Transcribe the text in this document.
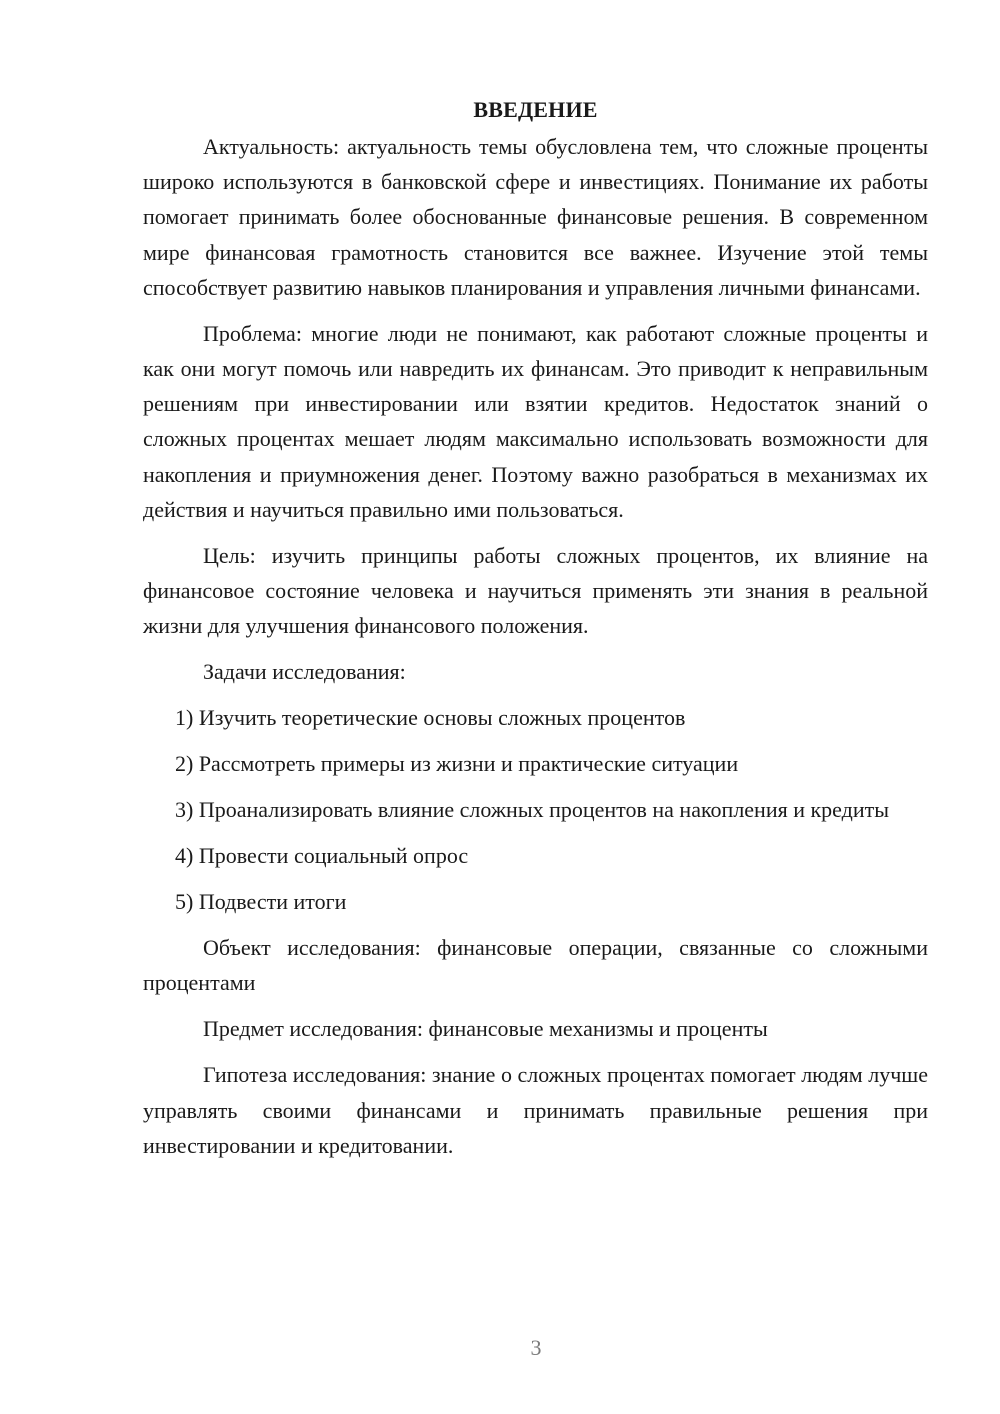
ВВЕДЕНИЕ

Актуальность: актуальность темы обусловлена тем, что сложные проценты широко используются в банковской сфере и инвестициях. Понимание их работы помогает принимать более обоснованные финансовые решения. В современном мире финансовая грамотность становится все важнее. Изучение этой темы способствует развитию навыков планирования и управления личными финансами.

Проблема: многие люди не понимают, как работают сложные проценты и как они могут помочь или навредить их финансам. Это приводит к неправильным решениям при инвестировании или взятии кредитов. Недостаток знаний о сложных процентах мешает людям максимально использовать возможности для накопления и приумножения денег. Поэтому важно разобраться в механизмах их действия и научиться правильно ими пользоваться.

Цель: изучить принципы работы сложных процентов, их влияние на финансовое состояние человека и научиться применять эти знания в реальной жизни для улучшения финансового положения.

Задачи исследования:

1) Изучить теоретические основы сложных процентов

2) Рассмотреть примеры из жизни и практические ситуации

3) Проанализировать влияние сложных процентов на накопления и кредиты

4) Провести социальный опрос

5) Подвести итоги

Объект исследования: финансовые операции, связанные со сложными процентами

Предмет исследования: финансовые механизмы и проценты

Гипотеза исследования: знание о сложных процентах помогает людям лучше управлять своими финансами и принимать правильные решения при инвестировании и кредитовании.

3
